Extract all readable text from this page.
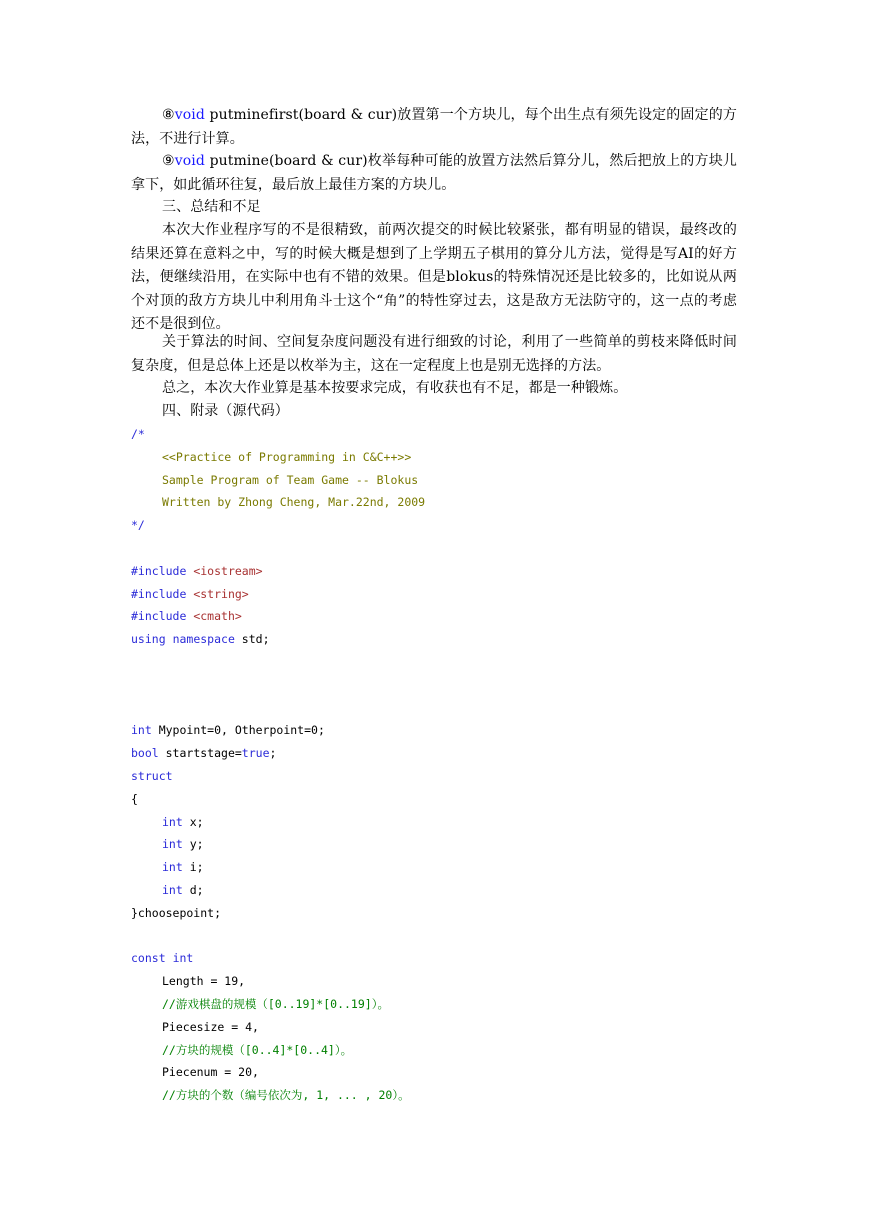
⑧void putminefirst(board & cur)放置第一个方块儿，每个出生点有须先设定的固定的方法，不进行计算。

⑨void putmine(board & cur)枚举每种可能的放置方法然后算分儿，然后把放上的方块儿拿下，如此循环往复，最后放上最佳方案的方块儿。

三、总结和不足

本次大作业程序写的不是很精致，前两次提交的时候比较紧张，都有明显的错误，最终改的结果还算在意料之中，写的时候大概是想到了上学期五子棋用的算分儿方法，觉得是写AI的好方法，便继续沿用，在实际中也有不错的效果。但是blokus的特殊情况还是比较多的，比如说从两个对顶的敌方方块儿中利用角斗士这个“角”的特性穿过去，这是敌方无法防守的，这一点的考虑还不是很到位。

关于算法的时间、空间复杂度问题没有进行细致的讨论，利用了一些简单的剪枝来降低时间复杂度，但是总体上还是以枚举为主，这在一定程度上也是别无选择的方法。

总之，本次大作业算是基本按要求完成，有收获也有不足，都是一种锻炼。

四、附录（源代码）

/*
<<Practice of Programming in C&C++>>
Sample Program of Team Game -- Blokus
Written by Zhong Cheng, Mar.22nd, 2009
*/

#include <iostream>
#include <string>
#include <cmath>
using namespace std;

int Mypoint=0, Otherpoint=0;
bool startstage=true;
struct
{
int x;
int y;
int i;
int d;
}choosepoint;

const int
Length = 19,
//游戏棋盘的规模（[0..19]*[0..19]）。
Piecesize = 4,
//方块的规模（[0..4]*[0..4]）。
Piecenum = 20,
//方块的个数（编号依次为, 1, ... , 20）。
